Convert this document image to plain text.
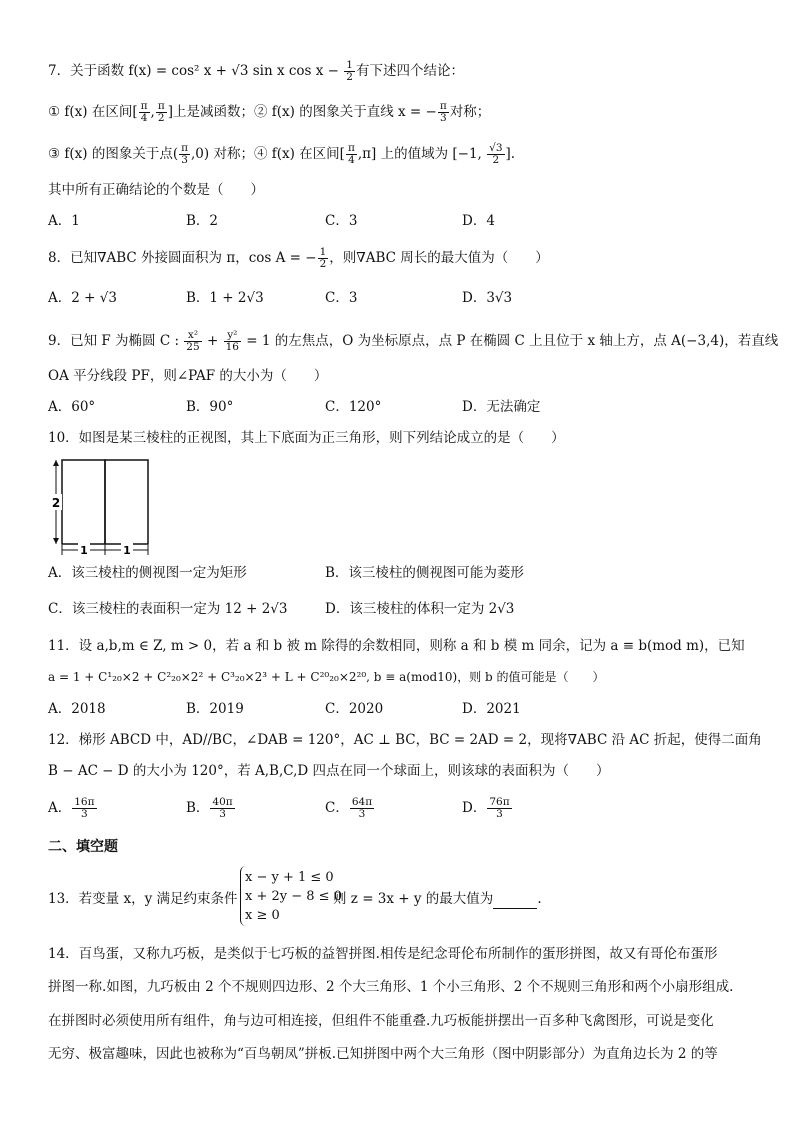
7．关于函数 f(x) = cos² x + √3 sin x $\cos x - \frac{1}{2}$ 有下述四个结论：
① f(x) 在区间[ $\frac{\pi}{4}$ , $\frac{\pi}{2}$ ]上是减函数；② f(x) 的图象关于直线 x = − $\frac{\pi}{3}$ 对称；
③ f(x) 的图象关于点( $\frac{\pi}{3} ,0$) 对称；④ f(x) 在区间[ $\frac{\pi}{4} ,\pi$] 上的值域为 [−1, $\frac{√3}{2}$ ].
其中所有正确结论的个数是（　　）
A．1	B．2	C．3	D．4
8．已知∇ABC 外接圆面积为 π，cos A = − $\frac{1}{2}$ ，则∇ABC 周长的最大值为（　　）
A．2 + √3	B．1 + 2√3	C．3	D．3√3
9．已知 F 为椭圆 C : $\frac{\text{x²}}{25} + \frac{\text{y²}}{16} = 1$ 的左焦点，O 为坐标原点，点 P 在椭圆 C 上且位于 x 轴上方，点 A(−3,4)，若直线
OA 平分线段 PF，则∠PAF 的大小为（　　）
A．60°	B．90°	C．120°	D．无法确定
10．如图是某三棱柱的正视图，其上下底面为正三角形，则下列结论成立的是（　　）
2
1	1
A．该三棱柱的侧视图一定为矩形	B．该三棱柱的侧视图可能为菱形
C．该三棱柱的表面积一定为 12 + 2√3	D．该三棱柱的体积一定为 2√3
11．设 a,b,m ∈ Z, m > 0，若 a 和 b 被 m 除得的余数相同，则称 a 和 b 模 m 同余，记为 a ≡ b(mod m)，已知
a = 1 + C¹₂₀×2 + C²₂₀×2² + C³₂₀×2³ + L + C²⁰₂₀×2²⁰, b ≡ a(mod10)，则 b 的值可能是（　　）
A．2018	B．2019	C．2020	D．2021
12．梯形 ABCD 中，AD//BC，∠DAB = 120°，AC ⊥ BC，BC = 2AD = 2，现将∇ABC 沿 AC 折起，使得二面角
B − AC − D 的大小为 120°，若 A,B,C,D 四点在同一个球面上，则该球的表面积为（　　）
A． $\frac{16\pi}{3}$	B． $\frac{40\pi}{3}$	C． $\frac{64\pi}{3}$	D． $\frac{76\pi}{3}$
二、填空题
13．若变量 x，y 满足约束条件
x − y + 1 ≤ 0
x + 2y − 8 ≤ 0
x ≥ 0
则 z = 3x + y 的最大值为	.
14．百鸟蛋，又称九巧板，是类似于七巧板的益智拼图.相传是纪念哥伦布所制作的蛋形拼图，故又有哥伦布蛋形
拼图一称.如图，九巧板由 2 个不规则四边形、2 个大三角形、1 个小三角形、2 个不规则三角形和两个小扇形组成.
在拼图时必须使用所有组件，角与边可相连接，但组件不能重叠.九巧板能拼摆出一百多种飞禽图形，可说是变化
无穷、极富趣味，因此也被称为“百鸟朝凤”拼板.已知拼图中两个大三角形（图中阴影部分）为直角边长为 2 的等
